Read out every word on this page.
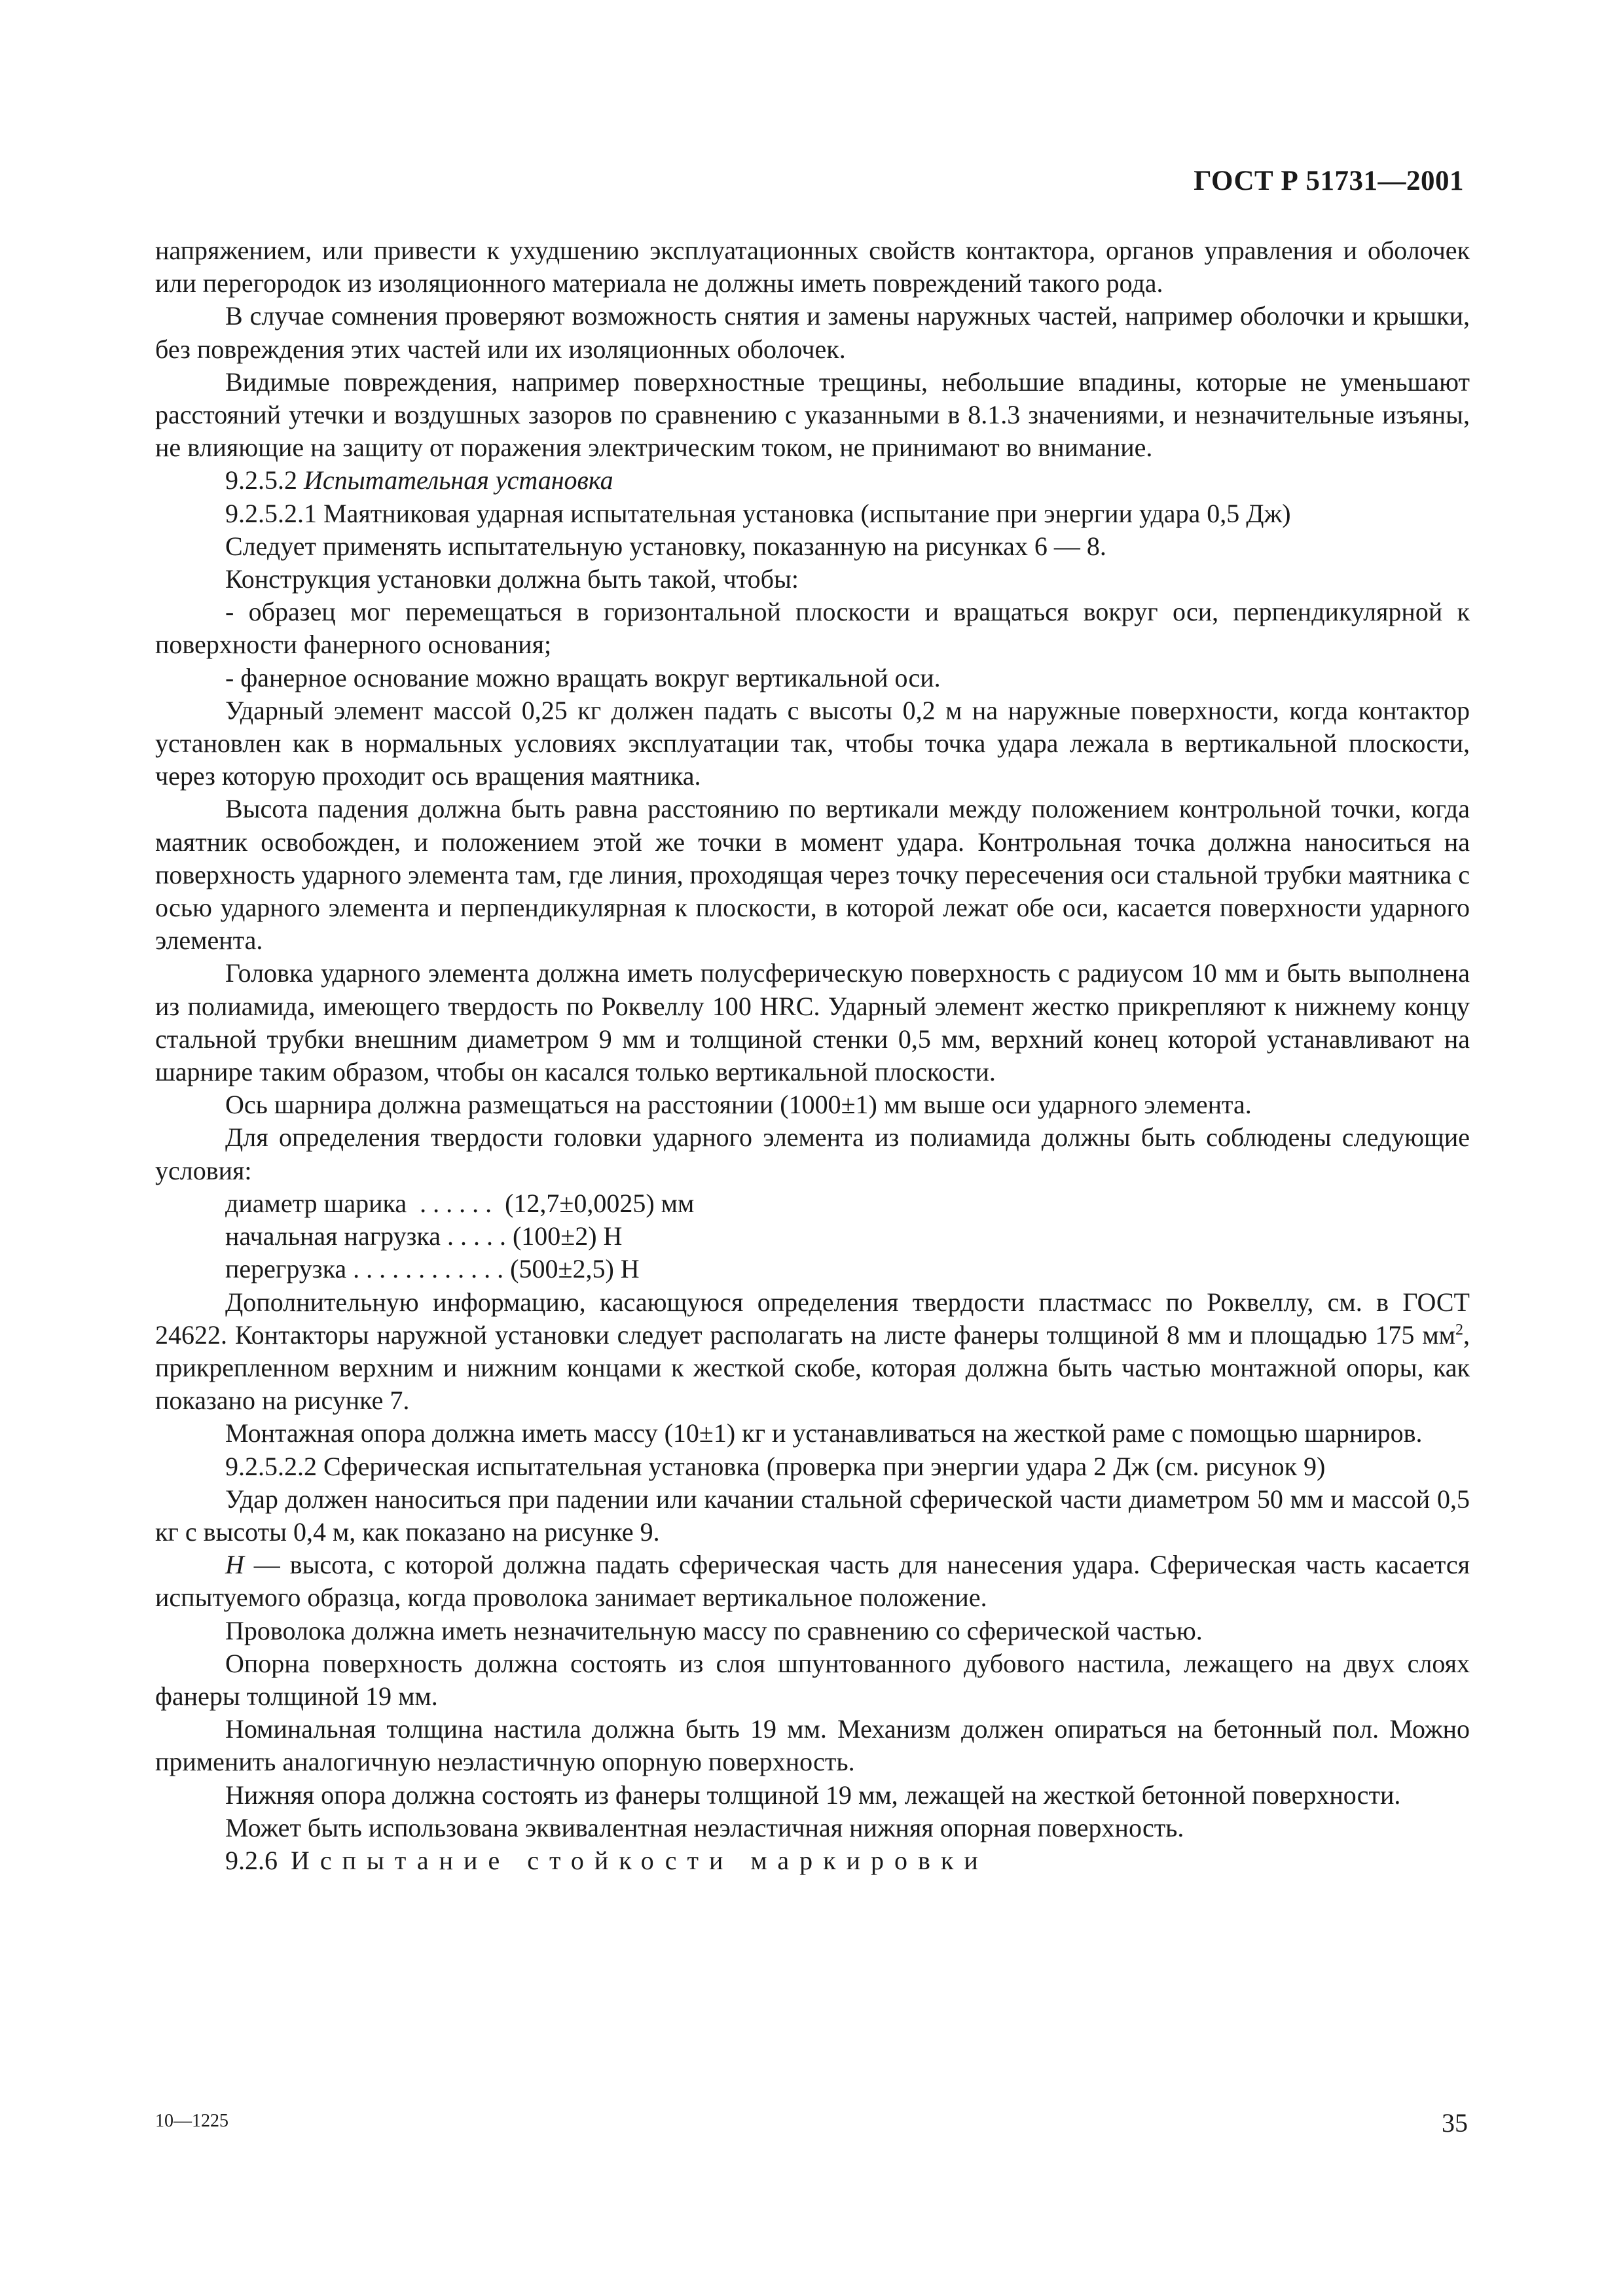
ГОСТ Р 51731—2001

напряжением, или привести к ухудшению эксплуатационных свойств контактора, органов управления и оболочек или перегородок из изоляционного материала не должны иметь повреждений такого рода.

В случае сомнения проверяют возможность снятия и замены наружных частей, например оболочки и крышки, без повреждения этих частей или их изоляционных оболочек.

Видимые повреждения, например поверхностные трещины, небольшие впадины, которые не уменьшают расстояний утечки и воздушных зазоров по сравнению с указанными в 8.1.3 значениями, и незначительные изъяны, не влияющие на защиту от поражения электрическим током, не принимают во внимание.

9.2.5.2 Испытательная установка

9.2.5.2.1 Маятниковая ударная испытательная установка (испытание при энергии удара 0,5 Дж)

Следует применять испытательную установку, показанную на рисунках 6 — 8.

Конструкция установки должна быть такой, чтобы:

- образец мог перемещаться в горизонтальной плоскости и вращаться вокруг оси, перпендикулярной к поверхности фанерного основания;

- фанерное основание можно вращать вокруг вертикальной оси.

Ударный элемент массой 0,25 кг должен падать с высоты 0,2 м на наружные поверхности, когда контактор установлен как в нормальных условиях эксплуатации так, чтобы точка удара лежала в вертикальной плоскости, через которую проходит ось вращения маятника.

Высота падения должна быть равна расстоянию по вертикали между положением контрольной точки, когда маятник освобожден, и положением этой же точки в момент удара. Контрольная точка должна наноситься на поверхность ударного элемента там, где линия, проходящая через точку пересечения оси стальной трубки маятника с осью ударного элемента и перпендикулярная к плоскости, в которой лежат обе оси, касается поверхности ударного элемента.

Головка ударного элемента должна иметь полусферическую поверхность с радиусом 10 мм и быть выполнена из полиамида, имеющего твердость по Роквеллу 100 HRC. Ударный элемент жестко прикрепляют к нижнему концу стальной трубки внешним диаметром 9 мм и толщиной стенки 0,5 мм, верхний конец которой устанавливают на шарнире таким образом, чтобы он касался только вертикальной плоскости.

Ось шарнира должна размещаться на расстоянии (1000±1) мм выше оси ударного элемента.

Для определения твердости головки ударного элемента из полиамида должны быть соблюдены следующие условия:

диаметр шарика  . . . . . .  (12,7±0,0025) мм

начальная нагрузка . . . . . (100±2) Н

перегрузка . . . . . . . . . . . . (500±2,5) Н

Дополнительную информацию, касающуюся определения твердости пластмасс по Роквеллу, см. в ГОСТ 24622. Контакторы наружной установки следует располагать на листе фанеры толщиной 8 мм и площадью 175 $мм^2$, прикрепленном верхним и нижним концами к жесткой скобе, которая должна быть частью монтажной опоры, как показано на рисунке 7.

Монтажная опора должна иметь массу (10±1) кг и устанавливаться на жесткой раме с помощью шарниров.

9.2.5.2.2 Сферическая испытательная установка (проверка при энергии удара 2 Дж (см. рисунок 9)

Удар должен наноситься при падении или качании стальной сферической части диаметром 50 мм и массой 0,5 кг с высоты 0,4 м, как показано на рисунке 9.

Н — высота, с которой должна падать сферическая часть для нанесения удара. Сферическая часть касается испытуемого образца, когда проволока занимает вертикальное положение.

Проволока должна иметь незначительную массу по сравнению со сферической частью.

Опорна поверхность должна состоять из слоя шпунтованного дубового настила, лежащего на двух слоях фанеры толщиной 19 мм.

Номинальная толщина настила должна быть 19 мм. Механизм должен опираться на бетонный пол. Можно применить аналогичную неэластичную опорную поверхность.

Нижняя опора должна состоять из фанеры толщиной 19 мм, лежащей на жесткой бетонной поверхности.

Может быть использована эквивалентная неэластичная нижняя опорная поверхность.

9.2.6 Испытание стойкости маркировки

10—1225	35
